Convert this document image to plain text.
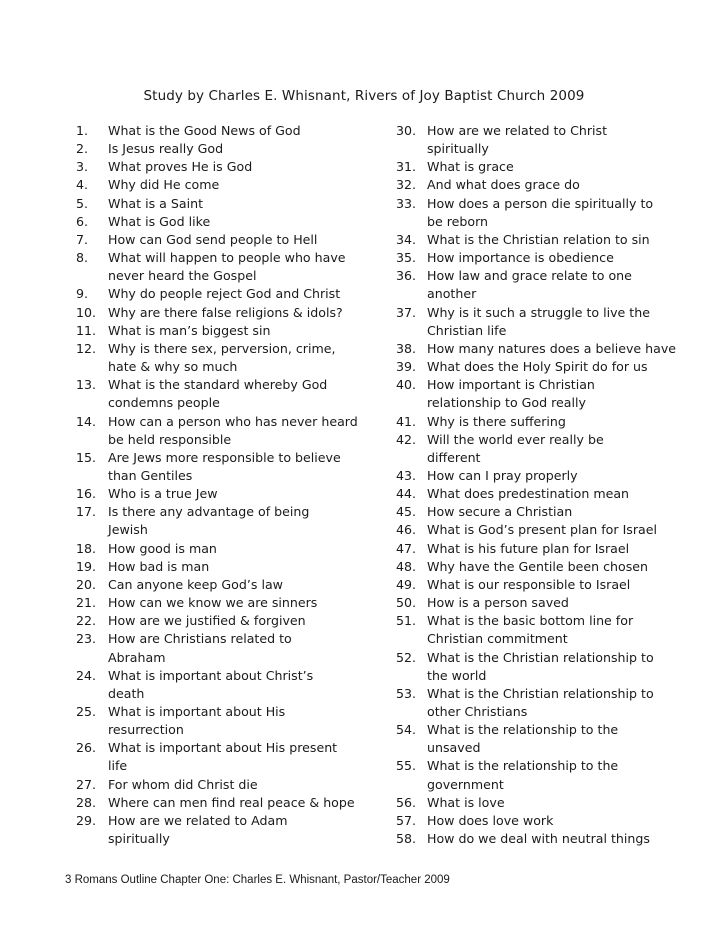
Study by Charles E. Whisnant, Rivers of Joy Baptist Church 2009
1. What is the Good News of God
2. Is Jesus really God
3. What proves He is God
4. Why did He come
5. What is a Saint
6. What is God like
7. How can God send people to Hell
8. What will happen to people who have
never heard the Gospel
9. Why do people reject God and Christ
10. Why are there false religions & idols?
11. What is man’s biggest sin
12. Why is there sex, perversion, crime,
hate & why so much
13. What is the standard whereby God
condemns people
14. How can a person who has never heard
be held responsible
15. Are Jews more responsible to believe
than Gentiles
16. Who is a true Jew
17. Is there any advantage of being
Jewish
18. How good is man
19. How bad is man
20. Can anyone keep God’s law
21. How can we know we are sinners
22. How are we justified & forgiven
23. How are Christians related to
Abraham
24. What is important about Christ’s
death
25. What is important about His
resurrection
26. What is important about His present
life
27. For whom did Christ die
28. Where can men find real peace & hope
29. How are we related to Adam
spiritually
30. How are we related to Christ
spiritually
31. What is grace
32. And what does grace do
33. How does a person die spiritually to
be reborn
34. What is the Christian relation to sin
35. How importance is obedience
36. How law and grace relate to one
another
37. Why is it such a struggle to live the
Christian life
38. How many natures does a believe have
39. What does the Holy Spirit do for us
40. How important is Christian
relationship to God really
41. Why is there suffering
42. Will the world ever really be
different
43. How can I pray properly
44. What does predestination mean
45. How secure a Christian
46. What is God’s present plan for Israel
47. What is his future plan for Israel
48. Why have the Gentile been chosen
49. What is our responsible to Israel
50. How is a person saved
51. What is the basic bottom line for
Christian commitment
52. What is the Christian relationship to
the world
53. What is the Christian relationship to
other Christians
54. What is the relationship to the
unsaved
55. What is the relationship to the
government
56. What is love
57. How does love work
58. How do we deal with neutral things
3 Romans Outline Chapter One: Charles E. Whisnant, Pastor/Teacher 2009
